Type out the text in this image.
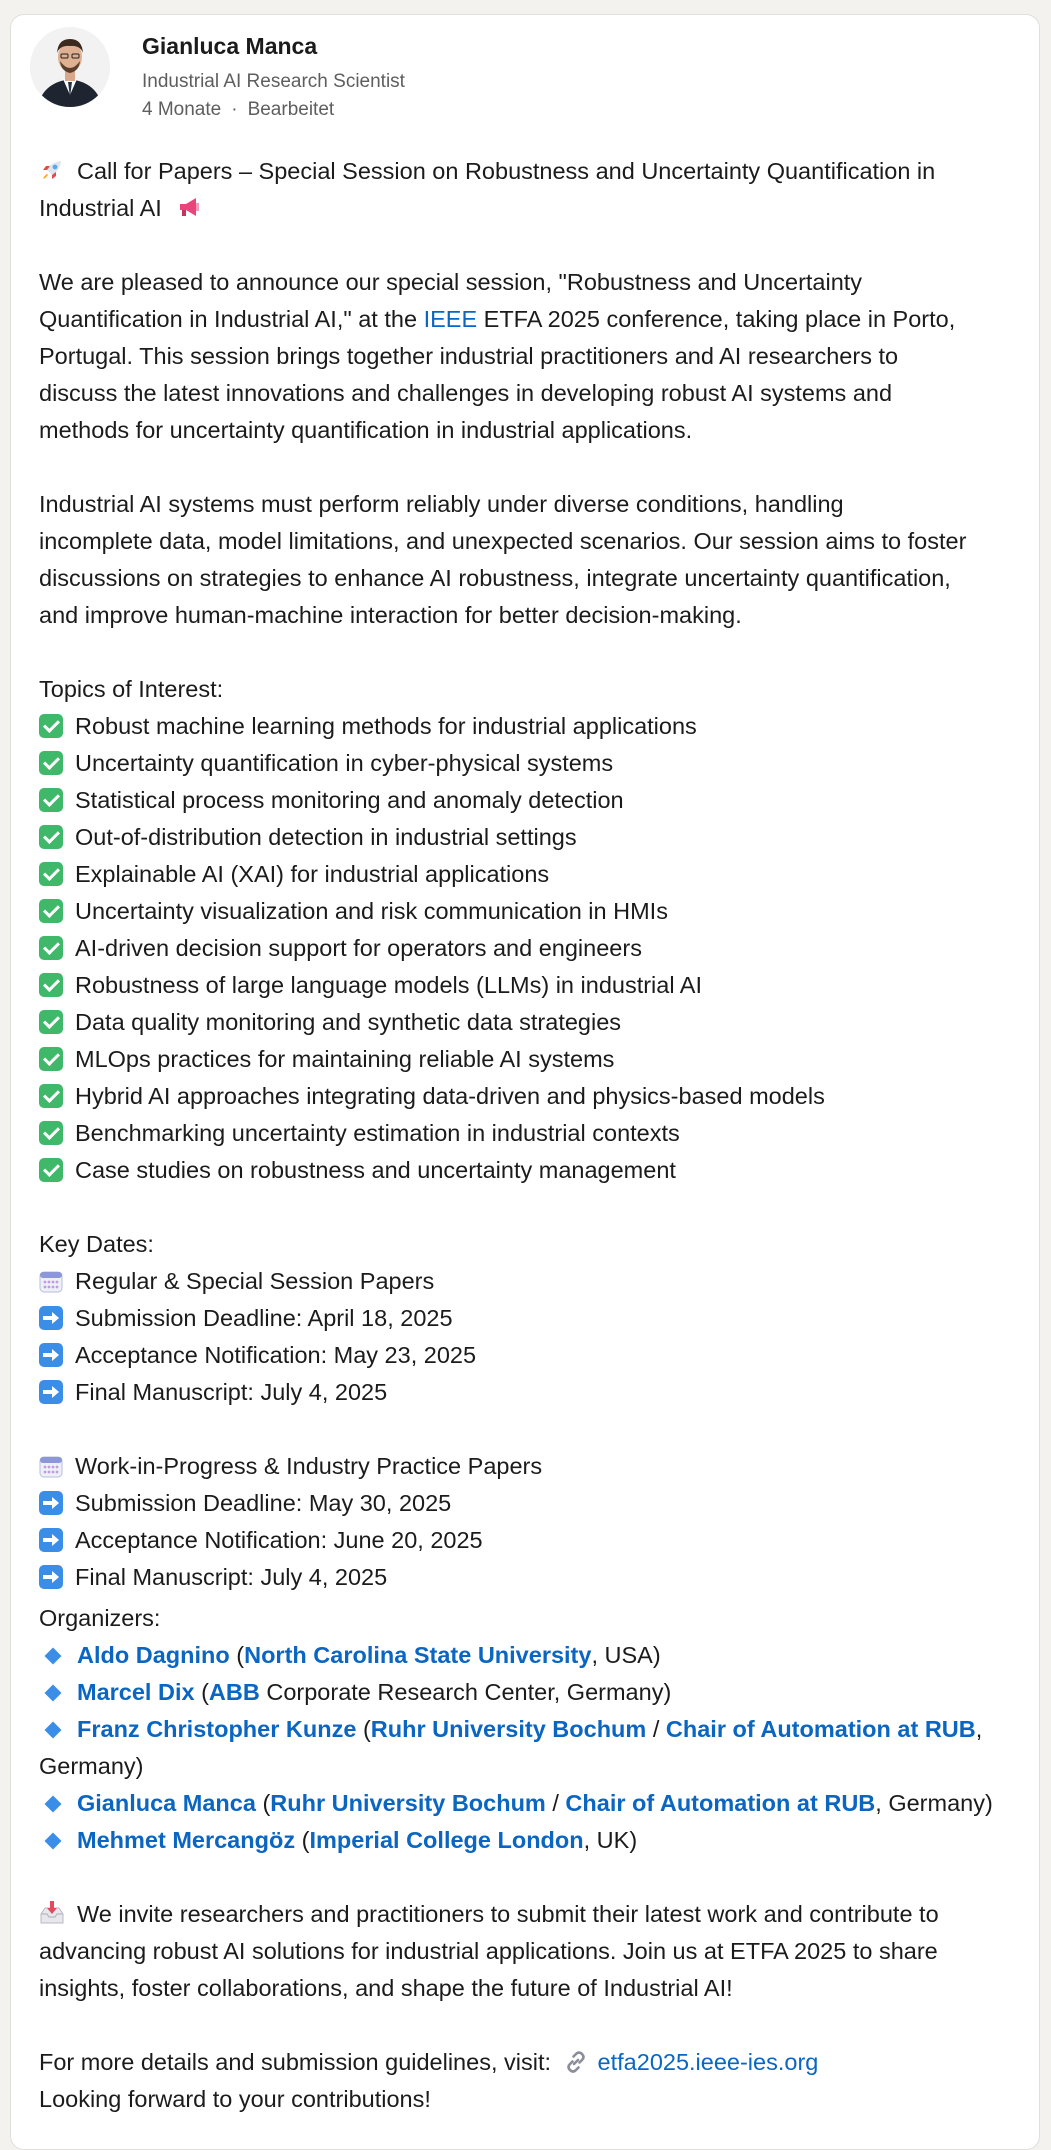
Gianluca Manca
Industrial AI Research Scientist
4 Monate · Bearbeitet
Call for Papers – Special Session on Robustness and Uncertainty Quantification in
Industrial AI
We are pleased to announce our special session, "Robustness and Uncertainty
Quantification in Industrial AI," at the IEEE ETFA 2025 conference, taking place in Porto,
Portugal. This session brings together industrial practitioners and AI researchers to
discuss the latest innovations and challenges in developing robust AI systems and
methods for uncertainty quantification in industrial applications.
Industrial AI systems must perform reliably under diverse conditions, handling
incomplete data, model limitations, and unexpected scenarios. Our session aims to foster
discussions on strategies to enhance AI robustness, integrate uncertainty quantification,
and improve human-machine interaction for better decision-making.
Topics of Interest:
Robust machine learning methods for industrial applications
Uncertainty quantification in cyber-physical systems
Statistical process monitoring and anomaly detection
Out-of-distribution detection in industrial settings
Explainable AI (XAI) for industrial applications
Uncertainty visualization and risk communication in HMIs
AI-driven decision support for operators and engineers
Robustness of large language models (LLMs) in industrial AI
Data quality monitoring and synthetic data strategies
MLOps practices for maintaining reliable AI systems
Hybrid AI approaches integrating data-driven and physics-based models
Benchmarking uncertainty estimation in industrial contexts
Case studies on robustness and uncertainty management
Key Dates:
Regular & Special Session Papers
Submission Deadline: April 18, 2025
Acceptance Notification: May 23, 2025
Final Manuscript: July 4, 2025
Work-in-Progress & Industry Practice Papers
Submission Deadline: May 30, 2025
Acceptance Notification: June 20, 2025
Final Manuscript: July 4, 2025
Organizers:
Aldo Dagnino (North Carolina State University, USA)
Marcel Dix (ABB Corporate Research Center, Germany)
Franz Christopher Kunze (Ruhr University Bochum / Chair of Automation at RUB,
Germany)
Gianluca Manca (Ruhr University Bochum / Chair of Automation at RUB, Germany)
Mehmet Mercangöz (Imperial College London, UK)
We invite researchers and practitioners to submit their latest work and contribute to
advancing robust AI solutions for industrial applications. Join us at ETFA 2025 to share
insights, foster collaborations, and shape the future of Industrial AI!
For more details and submission guidelines, visit: etfa2025.ieee-ies.org
Looking forward to your contributions!
